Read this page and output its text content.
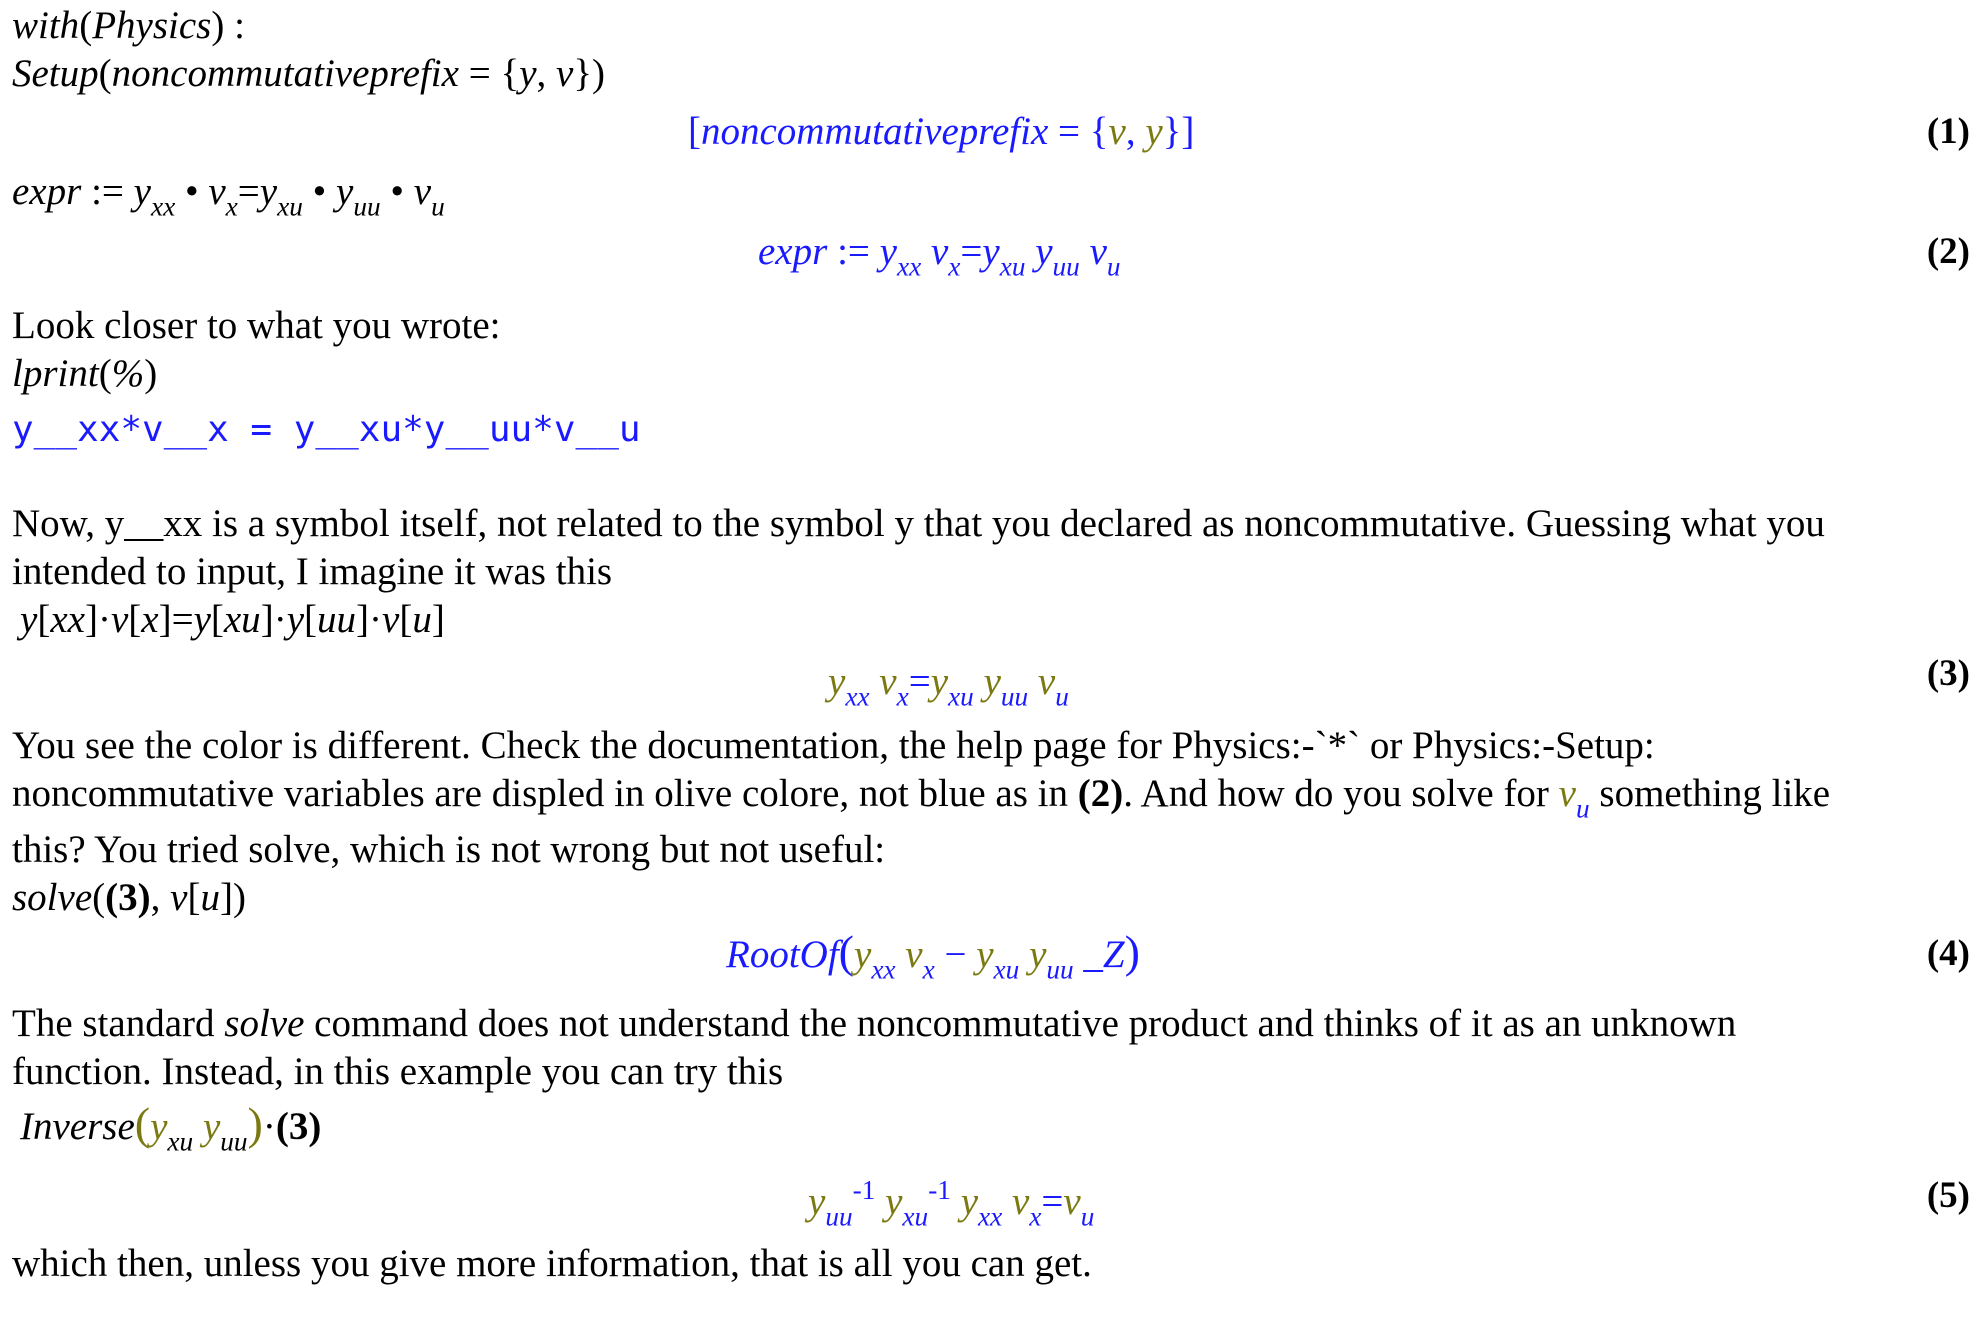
with(Physics) :
Setup(noncommutativeprefix = {y, v})
[noncommutativeprefix = {v, y}]	(1)
expr := $y_{xx}$ • $v_x=y_{xu}$ • $y_{uu}$ • $v_u$
expr := $y_{xx}$ $v_x=y_{xu}$ $y_{uu}$ $v_u$	(2)
Look closer to what you wrote:
lprint(%)
y__xx*v__x = y__xu*y__uu*v__u
Now, y__xx is a symbol itself, not related to the symbol y that you declared as noncommutative. Guessing what you
intended to input, I imagine it was this
y[xx]·v[x]=y[xu]·y[uu]·v[u]
$y_{xx}$ $v_x=y_{xu}$ $y_{uu}$ $v_u$
(3)
You see the color is different. Check the documentation, the help page for Physics:-`*` or Physics:-Setup:
noncommutative variables are displed in olive colore, not blue as in (2). And how do you solve for $v_u$ something like
this? You tried solve, which is not wrong but not useful:
solve((3), v[u])
$RootOf(y_{xx}$ $v_x - y_{xu}$ $y_{uu}$ _Z)	(4)
The standard solve command does not understand the noncommutative product and thinks of it as an unknown
function. Instead, in this example you can try this
$Inverse(y_{xu}$ $y_{uu})\cdot(3)$
$y_{uu}^{-1}$ $y_{xu}^{-1}$ $y_{xx}$ $v_x=v_u$
(5)
which then, unless you give more information, that is all you can get.
